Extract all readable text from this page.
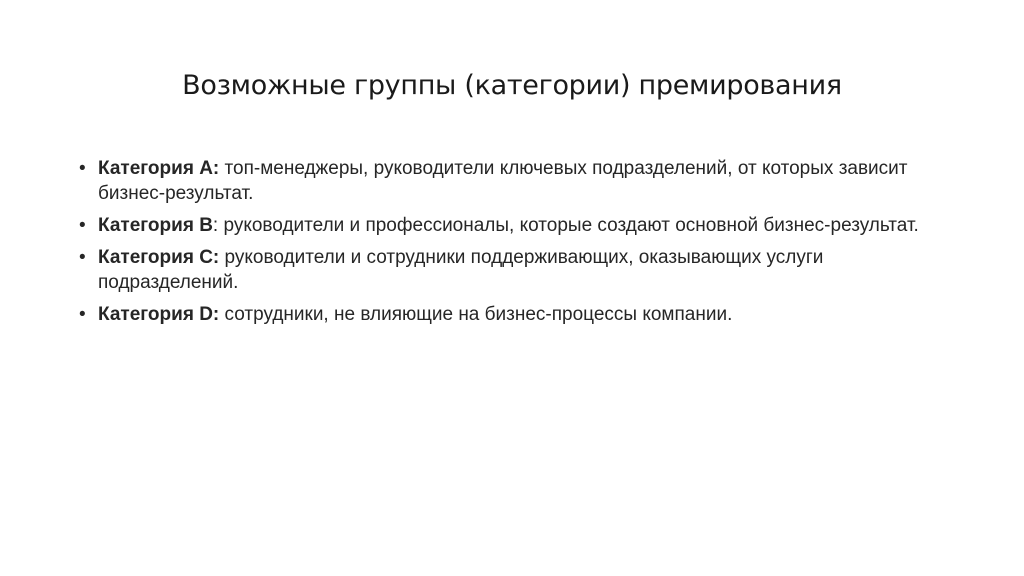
Возможные группы (категории) премирования
• Категория А: топ-менеджеры, руководители ключевых подразделений, от которых зависит бизнес-результат.
• Категория В: руководители и профессионалы, которые создают основной бизнес-результат.
• Категория С: руководители и сотрудники поддерживающих, оказывающих услуги подразделений.
• Категория D: сотрудники, не влияющие на бизнес-процессы компании.
